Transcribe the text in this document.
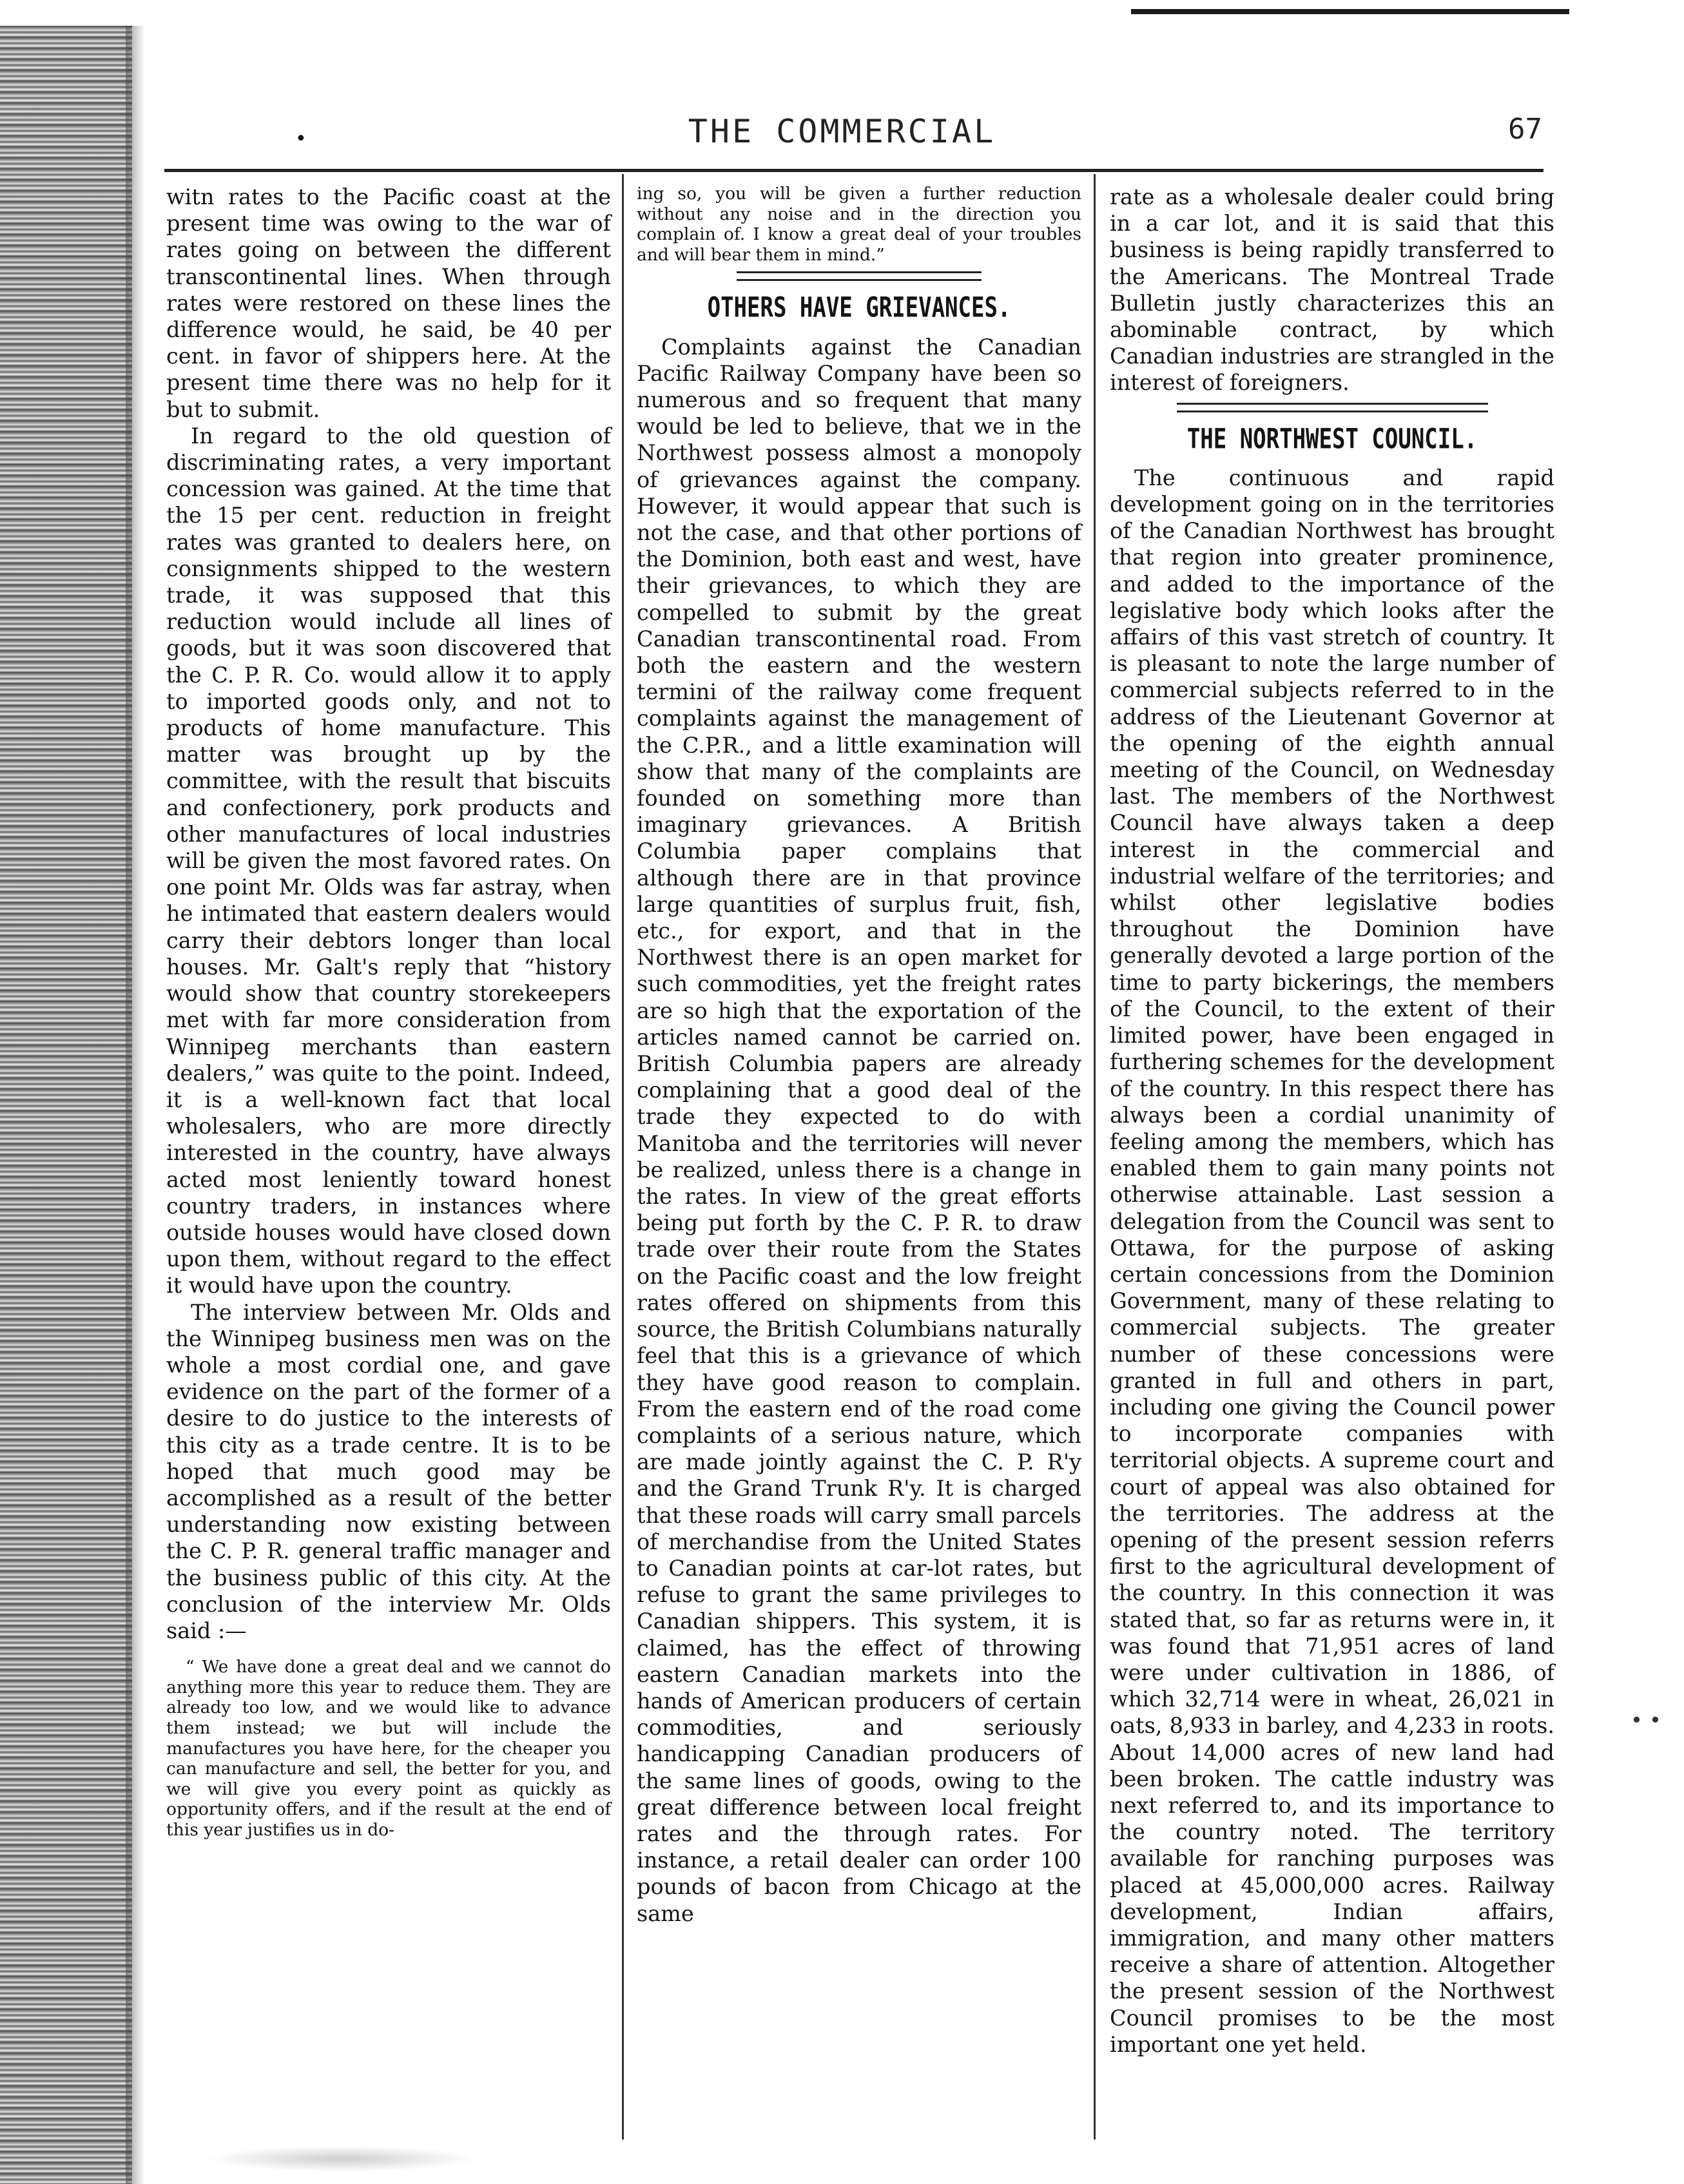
•	THE COMMERCIAL	67

witn rates to the Pacific coast at the present time was owing to the war of rates going on between the different transcontinental lines. When through rates were restored on these lines the difference would, he said, be 40 per cent. in favor of shippers here. At the present time there was no help for it but to submit.

In regard to the old question of discriminating rates, a very important concession was gained. At the time that the 15 per cent. reduction in freight rates was granted to dealers here, on consignments shipped to the western trade, it was supposed that this reduction would include all lines of goods, but it was soon discovered that the C. P. R. Co. would allow it to apply to imported goods only, and not to products of home manufacture. This matter was brought up by the committee, with the result that biscuits and confectionery, pork products and other manufactures of local industries will be given the most favored rates. On one point Mr. Olds was far astray, when he intimated that eastern dealers would carry their debtors longer than local houses. Mr. Galt's reply that “history would show that country storekeepers met with far more consideration from Winnipeg merchants than eastern dealers,” was quite to the point. Indeed, it is a well-known fact that local wholesalers, who are more directly interested in the country, have always acted most leniently toward honest country traders, in instances where outside houses would have closed down upon them, without regard to the effect it would have upon the country.

The interview between Mr. Olds and the Winnipeg business men was on the whole a most cordial one, and gave evidence on the part of the former of a desire to do justice to the interests of this city as a trade centre. It is to be hoped that much good may be accomplished as a result of the better understanding now existing between the C. P. R. general traffic manager and the business public of this city. At the conclusion of the interview Mr. Olds said :—

“ We have done a great deal and we cannot do anything more this year to reduce them. They are already too low, and we would like to advance them instead; we but will include the manufactures you have here, for the cheaper you can manufacture and sell, the better for you, and we will give you every point as quickly as opportunity offers, and if the result at the end of this year justifies us in do-

ing so, you will be given a further reduction without any noise and in the direction you complain of. I know a great deal of your troubles and will bear them in mind.”

OTHERS HAVE GRIEVANCES.

Complaints against the Canadian Pacific Railway Company have been so numerous and so frequent that many would be led to believe, that we in the Northwest possess almost a monopoly of grievances against the company. However, it would appear that such is not the case, and that other portions of the Dominion, both east and west, have their grievances, to which they are compelled to submit by the great Canadian transcontinental road. From both the eastern and the western termini of the railway come frequent complaints against the management of the C.P.R., and a little examination will show that many of the complaints are founded on something more than imaginary grievances. A British Columbia paper complains that although there are in that province large quantities of surplus fruit, fish, etc., for export, and that in the Northwest there is an open market for such commodities, yet the freight rates are so high that the exportation of the articles named cannot be carried on. British Columbia papers are already complaining that a good deal of the trade they expected to do with Manitoba and the territories will never be realized, unless there is a change in the rates. In view of the great efforts being put forth by the C. P. R. to draw trade over their route from the States on the Pacific coast and the low freight rates offered on shipments from this source, the British Columbians naturally feel that this is a grievance of which they have good reason to complain. From the eastern end of the road come complaints of a serious nature, which are made jointly against the C. P. R'y and the Grand Trunk R'y. It is charged that these roads will carry small parcels of merchandise from the United States to Canadian points at car-lot rates, but refuse to grant the same privileges to Canadian shippers. This system, it is claimed, has the effect of throwing eastern Canadian markets into the hands of American producers of certain commodities, and seriously handicapping Canadian producers of the same lines of goods, owing to the great difference between local freight rates and the through rates. For instance, a retail dealer can order 100 pounds of bacon from Chicago at the same

rate as a wholesale dealer could bring in a car lot, and it is said that this business is being rapidly transferred to the Americans. The Montreal Trade Bulletin justly characterizes this an abominable contract, by which Canadian industries are strangled in the interest of foreigners.

THE NORTHWEST COUNCIL.

The continuous and rapid development going on in the territories of the Canadian Northwest has brought that region into greater prominence, and added to the importance of the legislative body which looks after the affairs of this vast stretch of country. It is pleasant to note the large number of commercial subjects referred to in the address of the Lieutenant Governor at the opening of the eighth annual meeting of the Council, on Wednesday last. The members of the Northwest Council have always taken a deep interest in the commercial and industrial welfare of the territories; and whilst other legislative bodies throughout the Dominion have generally devoted a large portion of the time to party bickerings, the members of the Council, to the extent of their limited power, have been engaged in furthering schemes for the development of the country. In this respect there has always been a cordial unanimity of feeling among the members, which has enabled them to gain many points not otherwise attainable. Last session a delegation from the Council was sent to Ottawa, for the purpose of asking certain concessions from the Dominion Government, many of these relating to commercial subjects. The greater number of these concessions were granted in full and others in part, including one giving the Council power to incorporate companies with territorial objects. A supreme court and court of appeal was also obtained for the territories. The address at the opening of the present session referrs first to the agricultural development of the country. In this connection it was stated that, so far as returns were in, it was found that 71,951 acres of land were under cultivation in 1886, of which 32,714 were in wheat, 26,021 in oats, 8,933 in barley, and 4,233 in roots. About 14,000 acres of new land had been broken. The cattle industry was next referred to, and its importance to the country noted. The territory available for ranching purposes was placed at 45,000,000 acres. Railway development, Indian affairs, immigration, and many other matters receive a share of attention. Altogether the present session of the Northwest Council promises to be the most important one yet held.

• •
